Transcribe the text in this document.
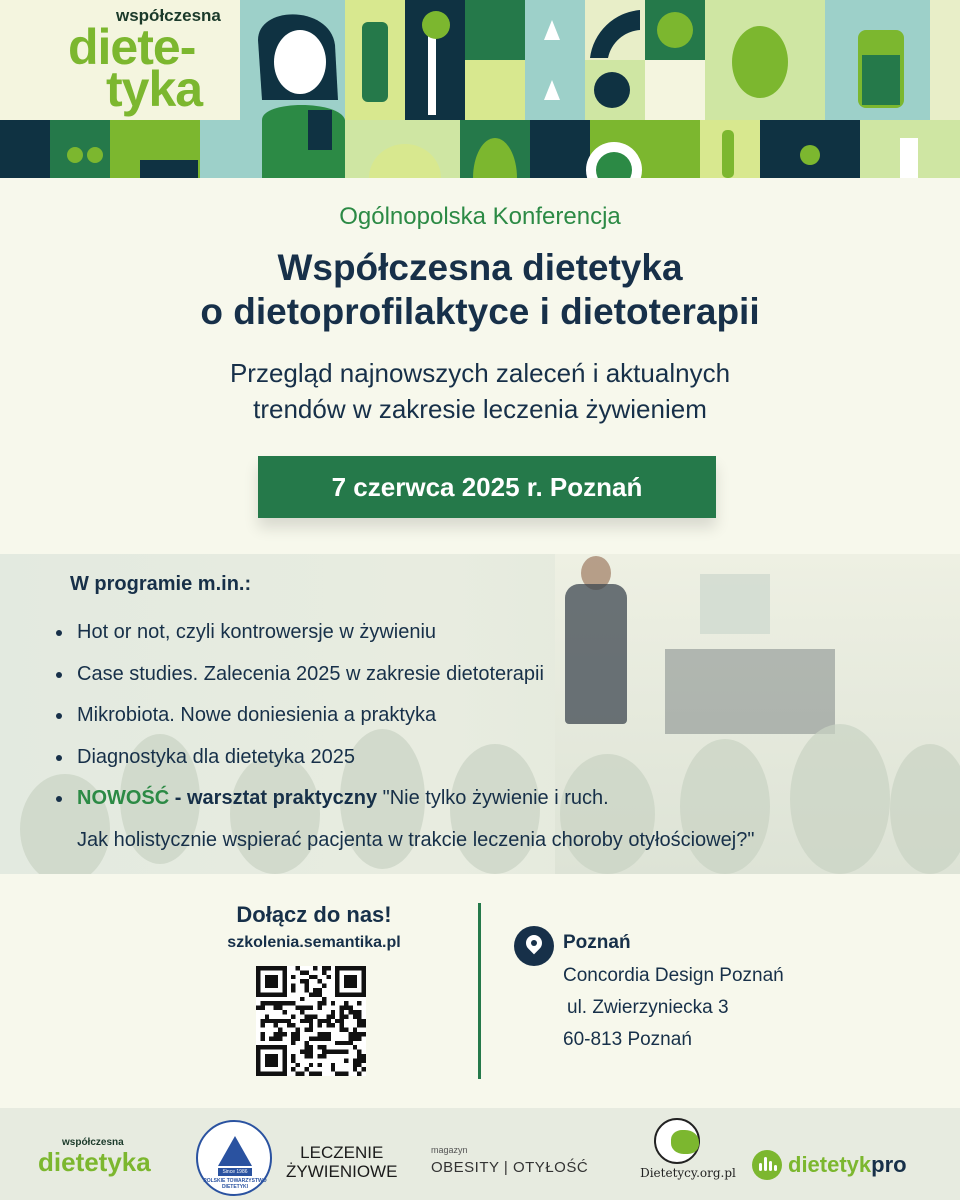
współczesna
diete-
tyka
Ogólnopolska Konferencja
Współczesna dietetyka
o dietoprofilaktyce i dietoterapii
Przegląd najnowszych zaleceń i aktualnych
trendów w zakresie leczenia żywieniem
7 czerwca 2025 r. Poznań
W programie m.in.:
Hot or not, czyli kontrowersje w żywieniu
Case studies. Zalecenia 2025 w zakresie dietoterapii
Mikrobiota. Nowe doniesienia a praktyka
Diagnostyka dla dietetyka 2025
NOWOŚĆ - warsztat praktyczny "Nie tylko żywienie i ruch.
Jak holistycznie wspierać pacjenta w trakcie leczenia choroby otyłościowej?"
Dołącz do nas!
szkolenia.semantika.pl	Poznań
Concordia Design Poznań
ul. Zwierzyniecka 3
60-813 Poznań
współczesna
dietetyka	Since 1986
POLSKIE TOWARZYSTWO DIETETYKI
LECZENIE
ŻYWIENIOWE
magazyn
OBESITY | OTYŁOŚĆ	Dietetycy.org.pl	dietetykpro
